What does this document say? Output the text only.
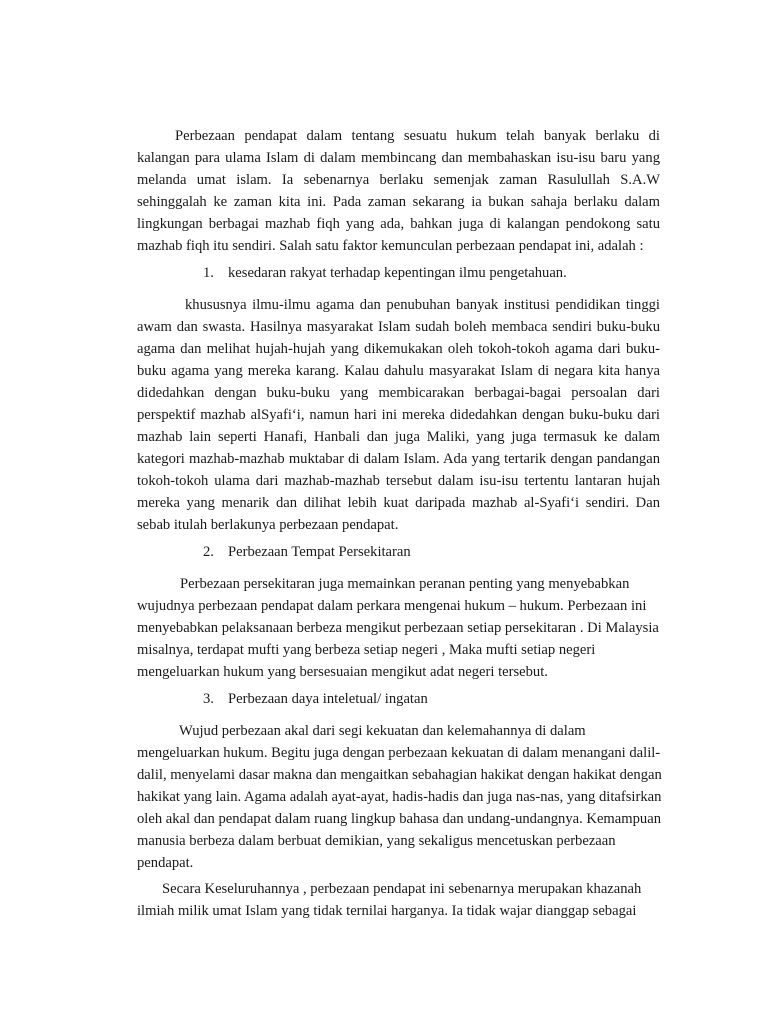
Perbezaan pendapat dalam tentang sesuatu hukum telah banyak berlaku di
kalangan para ulama Islam di dalam membincang dan membahaskan isu-isu baru yang
melanda umat islam. Ia sebenarnya berlaku semenjak zaman Rasulullah S.A.W
sehinggalah ke zaman kita ini. Pada zaman sekarang ia bukan sahaja berlaku dalam
lingkungan berbagai mazhab fiqh yang ada, bahkan juga di kalangan pendokong satu
mazhab fiqh itu sendiri. Salah satu faktor kemunculan perbezaan pendapat ini, adalah :
1. kesedaran rakyat terhadap kepentingan ilmu pengetahuan.
khususnya ilmu-ilmu agama dan penubuhan banyak institusi pendidikan tinggi
awam dan swasta. Hasilnya masyarakat Islam sudah boleh membaca sendiri buku-buku
agama dan melihat hujah-hujah yang dikemukakan oleh tokoh-tokoh agama dari buku-
buku agama yang mereka karang. Kalau dahulu masyarakat Islam di negara kita hanya
didedahkan dengan buku-buku yang membicarakan berbagai-bagai persoalan dari
perspektif mazhab alSyafi‘i, namun hari ini mereka didedahkan dengan buku-buku dari
mazhab lain seperti Hanafi, Hanbali dan juga Maliki, yang juga termasuk ke dalam
kategori mazhab-mazhab muktabar di dalam Islam. Ada yang tertarik dengan pandangan
tokoh-tokoh ulama dari mazhab-mazhab tersebut dalam isu-isu tertentu lantaran hujah
mereka yang menarik dan dilihat lebih kuat daripada mazhab al-Syafi‘i sendiri. Dan
sebab itulah berlakunya perbezaan pendapat.
2. Perbezaan Tempat Persekitaran
Perbezaan persekitaran juga memainkan peranan penting yang menyebabkan
wujudnya perbezaan pendapat dalam perkara mengenai hukum – hukum. Perbezaan ini
menyebabkan pelaksanaan berbeza mengikut perbezaan setiap persekitaran . Di Malaysia
misalnya, terdapat mufti yang berbeza setiap negeri , Maka mufti setiap negeri
mengeluarkan hukum yang bersesuaian mengikut adat negeri tersebut.
3. Perbezaan daya inteletual/ ingatan
Wujud perbezaan akal dari segi kekuatan dan kelemahannya di dalam
mengeluarkan hukum. Begitu juga dengan perbezaan kekuatan di dalam menangani dalil-
dalil, menyelami dasar makna dan mengaitkan sebahagian hakikat dengan hakikat dengan
hakikat yang lain. Agama adalah ayat-ayat, hadis-hadis dan juga nas-nas, yang ditafsirkan
oleh akal dan pendapat dalam ruang lingkup bahasa dan undang-undangnya. Kemampuan
manusia berbeza dalam berbuat demikian, yang sekaligus mencetuskan perbezaan
pendapat.
Secara Keseluruhannya , perbezaan pendapat ini sebenarnya merupakan khazanah
ilmiah milik umat Islam yang tidak ternilai harganya. Ia tidak wajar dianggap sebagai
